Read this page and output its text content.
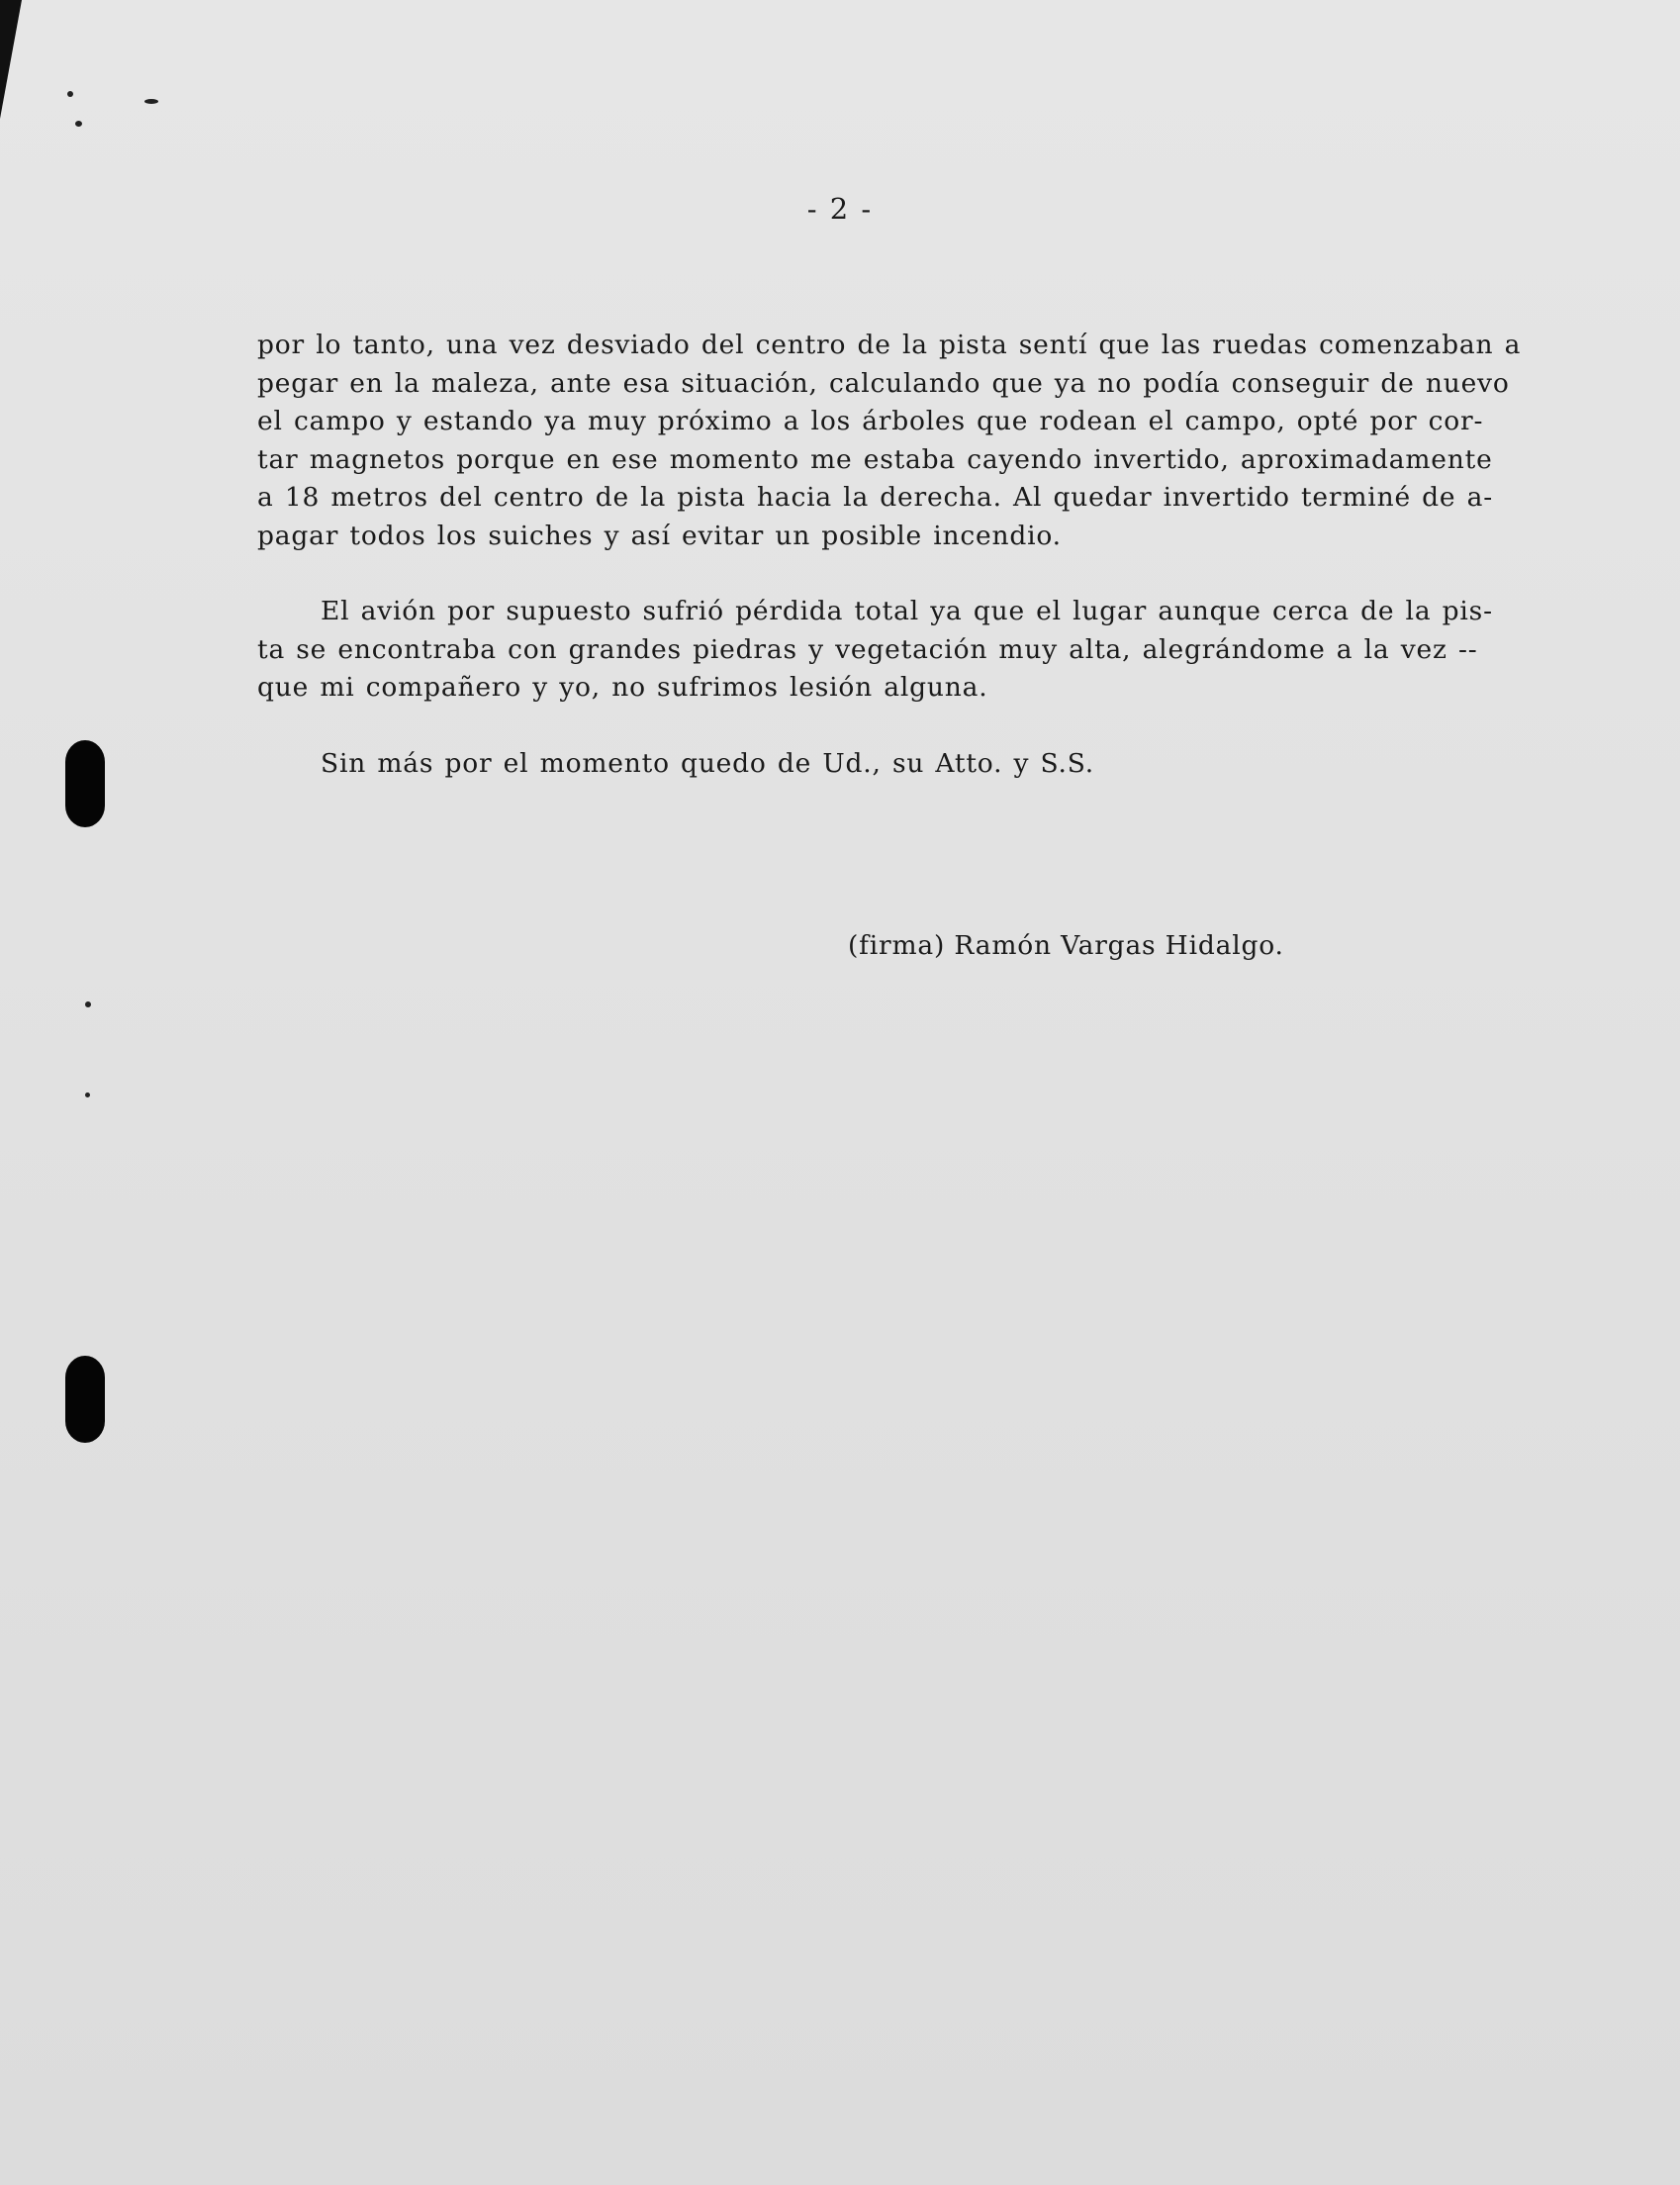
- 2 -
por lo tanto, una vez desviado del centro de la pista sentí que las ruedas comenzaban a
pegar en la maleza, ante esa situación, calculando que ya no podía conseguir de nuevo
el campo y estando ya muy próximo a los árboles que rodean el campo, opté por cor-
tar magnetos porque en ese momento me estaba cayendo invertido, aproximadamente
a 18 metros del centro de la pista hacia la derecha. Al quedar invertido terminé de a-
pagar todos los suiches y así evitar un posible incendio.
El avión por supuesto sufrió pérdida total ya que el lugar aunque cerca de la pis-
ta se encontraba con grandes piedras y vegetación muy alta, alegrándome a la vez --
que mi compañero y yo, no sufrimos lesión alguna.
Sin más por el momento quedo de Ud., su Atto. y S.S.
(firma) Ramón Vargas Hidalgo.
